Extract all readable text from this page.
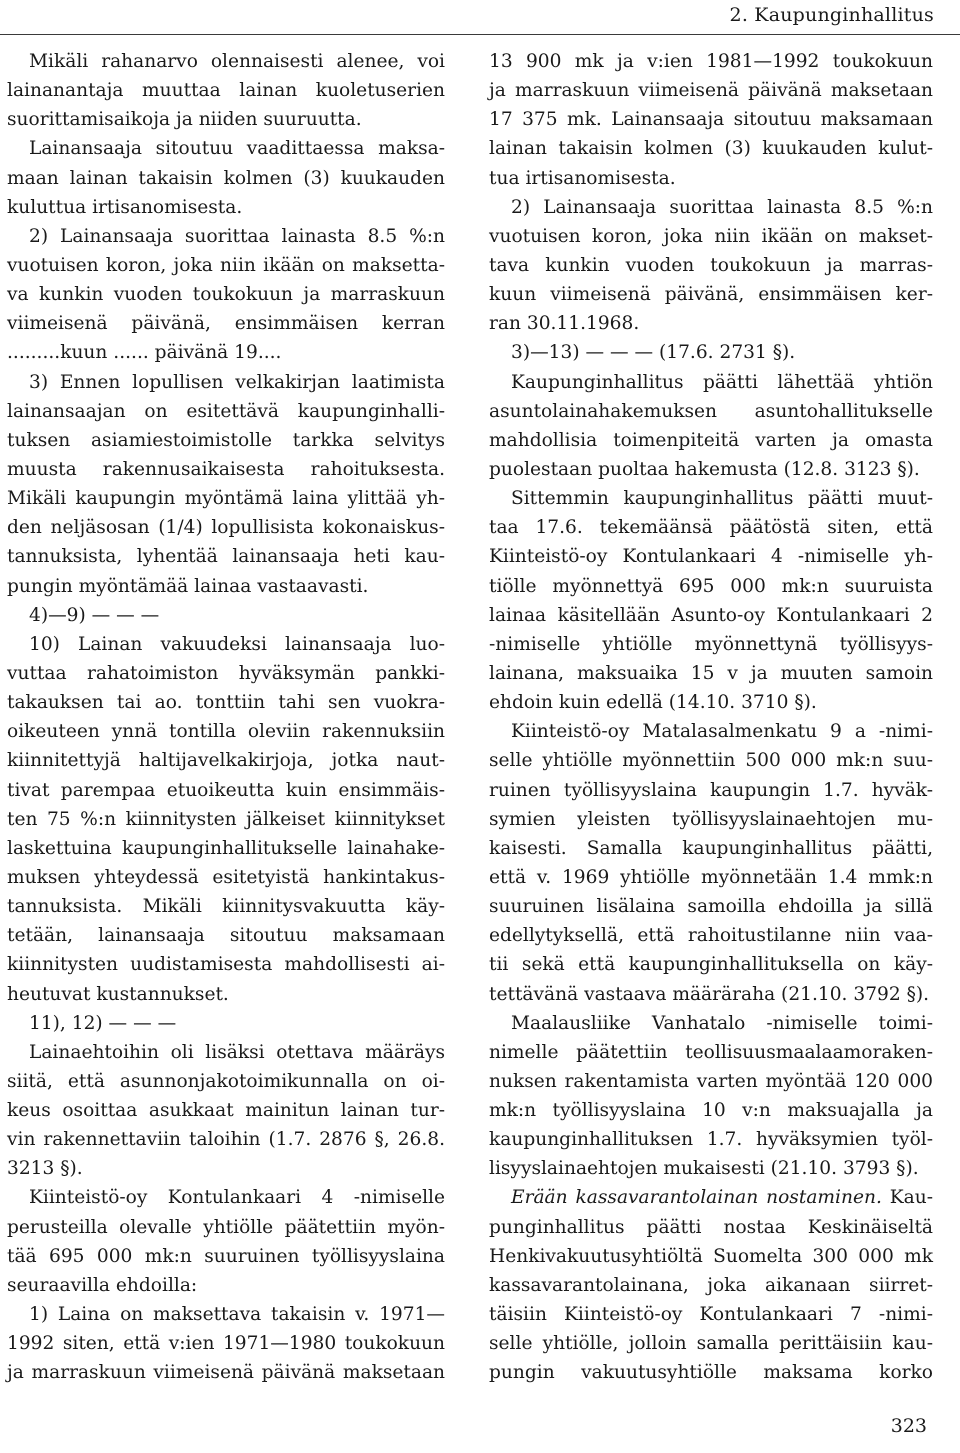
2. Kaupunginhallitus
Mikäli rahanarvo olennaisesti alenee, voi
lainanantaja muuttaa lainan kuoletuserien
suorittamisaikoja ja niiden suuruutta.
Lainansaaja sitoutuu vaadittaessa maksa-
maan lainan takaisin kolmen (3) kuukauden
kuluttua irtisanomisesta.
2) Lainansaaja suorittaa lainasta 8.5 %:n
vuotuisen koron, joka niin ikään on maksetta-
va kunkin vuoden toukokuun ja marraskuun
viimeisenä päivänä, ensimmäisen kerran
.........kuun ...... päivänä 19....
3) Ennen lopullisen velkakirjan laatimista
lainansaajan on esitettävä kaupunginhalli-
tuksen asiamiestoimistolle tarkka selvitys
muusta rakennusaikaisesta rahoituksesta.
Mikäli kaupungin myöntämä laina ylittää yh-
den neljäsosan (1/4) lopullisista kokonaiskus-
tannuksista, lyhentää lainansaaja heti kau-
pungin myöntämää lainaa vastaavasti.
4)—9) — — —
10) Lainan vakuudeksi lainansaaja luo-
vuttaa rahatoimiston hyväksymän pankki-
takauksen tai ao. tonttiin tahi sen vuokra-
oikeuteen ynnä tontilla oleviin rakennuksiin
kiinnitettyjä haltijavelkakirjoja, jotka naut-
tivat parempaa etuoikeutta kuin ensimmäis-
ten 75 %:n kiinnitysten jälkeiset kiinnitykset
laskettuina kaupunginhallitukselle lainahake-
muksen yhteydessä esitetyistä hankintakus-
tannuksista. Mikäli kiinnitysvakuutta käy-
tetään, lainansaaja sitoutuu maksamaan
kiinnitysten uudistamisesta mahdollisesti ai-
heutuvat kustannukset.
11), 12) — — —
Lainaehtoihin oli lisäksi otettava määräys
siitä, että asunnonjakotoimikunnalla on oi-
keus osoittaa asukkaat mainitun lainan tur-
vin rakennettaviin taloihin (1.7. 2876 §, 26.8.
3213 §).
Kiinteistö-oy Kontulankaari 4 -nimiselle
perusteilla olevalle yhtiölle päätettiin myön-
tää 695 000 mk:n suuruinen työllisyyslaina
seuraavilla ehdoilla:
1) Laina on maksettava takaisin v. 1971—
1992 siten, että v:ien 1971—1980 toukokuun
ja marraskuun viimeisenä päivänä maksetaan
13 900 mk ja v:ien 1981—1992 toukokuun
ja marraskuun viimeisenä päivänä maksetaan
17 375 mk. Lainansaaja sitoutuu maksamaan
lainan takaisin kolmen (3) kuukauden kulut-
tua irtisanomisesta.
2) Lainansaaja suorittaa lainasta 8.5 %:n
vuotuisen koron, joka niin ikään on makset-
tava kunkin vuoden toukokuun ja marras-
kuun viimeisenä päivänä, ensimmäisen ker-
ran 30.11.1968.
3)—13) — — — (17.6. 2731 §).
Kaupunginhallitus päätti lähettää yhtiön
asuntolainahakemuksen asuntohallitukselle
mahdollisia toimenpiteitä varten ja omasta
puolestaan puoltaa hakemusta (12.8. 3123 §).
Sittemmin kaupunginhallitus päätti muut-
taa 17.6. tekemäänsä päätöstä siten, että
Kiinteistö-oy Kontulankaari 4 -nimiselle yh-
tiölle myönnettyä 695 000 mk:n suuruista
lainaa käsitellään Asunto-oy Kontulankaari 2
-nimiselle yhtiölle myönnettynä työllisyys-
lainana, maksuaika 15 v ja muuten samoin
ehdoin kuin edellä (14.10. 3710 §).
Kiinteistö-oy Matalasalmenkatu 9 a -nimi-
selle yhtiölle myönnettiin 500 000 mk:n suu-
ruinen työllisyyslaina kaupungin 1.7. hyväk-
symien yleisten työllisyyslainaehtojen mu-
kaisesti. Samalla kaupunginhallitus päätti,
että v. 1969 yhtiölle myönnetään 1.4 mmk:n
suuruinen lisälaina samoilla ehdoilla ja sillä
edellytyksellä, että rahoitustilanne niin vaa-
tii sekä että kaupunginhallituksella on käy-
tettävänä vastaava määräraha (21.10. 3792 §).
Maalausliike Vanhatalo -nimiselle toimi-
nimelle päätettiin teollisuusmaalaamoraken-
nuksen rakentamista varten myöntää 120 000
mk:n työllisyyslaina 10 v:n maksuajalla ja
kaupunginhallituksen 1.7. hyväksymien työl-
lisyyslainaehtojen mukaisesti (21.10. 3793 §).
Erään kassavarantolainan nostaminen. Kau-
punginhallitus päätti nostaa Keskinäiseltä
Henkivakuutusyhtiöltä Suomelta 300 000 mk
kassavarantolainana, joka aikanaan siirret-
täisiin Kiinteistö-oy Kontulankaari 7 -nimi-
selle yhtiölle, jolloin samalla perittäisiin kau-
pungin vakuutusyhtiölle maksama korko
323
